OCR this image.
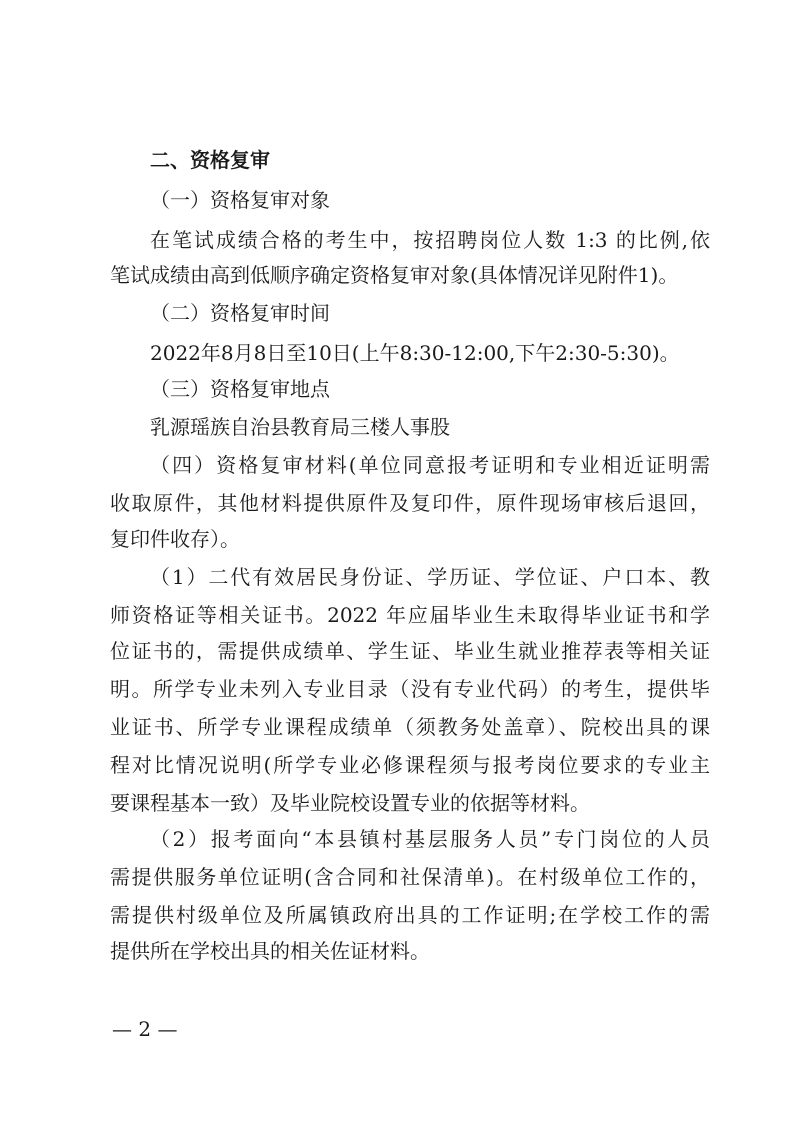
二、资格复审
（一）资格复审对象
在笔试成绩合格的考生中，按招聘岗位人数 1:3 的比例,依
笔试成绩由高到低顺序确定资格复审对象(具体情况详见附件1)。
（二）资格复审时间
2022年8月8日至10日(上午8:30-12:00,下午2:30-5:30)。
（三）资格复审地点
乳源瑶族自治县教育局三楼人事股
（四）资格复审材料(单位同意报考证明和专业相近证明需
收取原件，其他材料提供原件及复印件，原件现场审核后退回，
复印件收存）。
（1）二代有效居民身份证、学历证、学位证、户口本、教
师资格证等相关证书。2022 年应届毕业生未取得毕业证书和学
位证书的，需提供成绩单、学生证、毕业生就业推荐表等相关证
明。所学专业未列入专业目录（没有专业代码）的考生，提供毕
业证书、所学专业课程成绩单（须教务处盖章）、院校出具的课
程对比情况说明(所学专业必修课程须与报考岗位要求的专业主
要课程基本一致）及毕业院校设置专业的依据等材料。
（2）报考面向“本县镇村基层服务人员”专门岗位的人员
需提供服务单位证明(含合同和社保清单)。在村级单位工作的，
需提供村级单位及所属镇政府出具的工作证明;在学校工作的需
提供所在学校出具的相关佐证材料。
— 2 —
